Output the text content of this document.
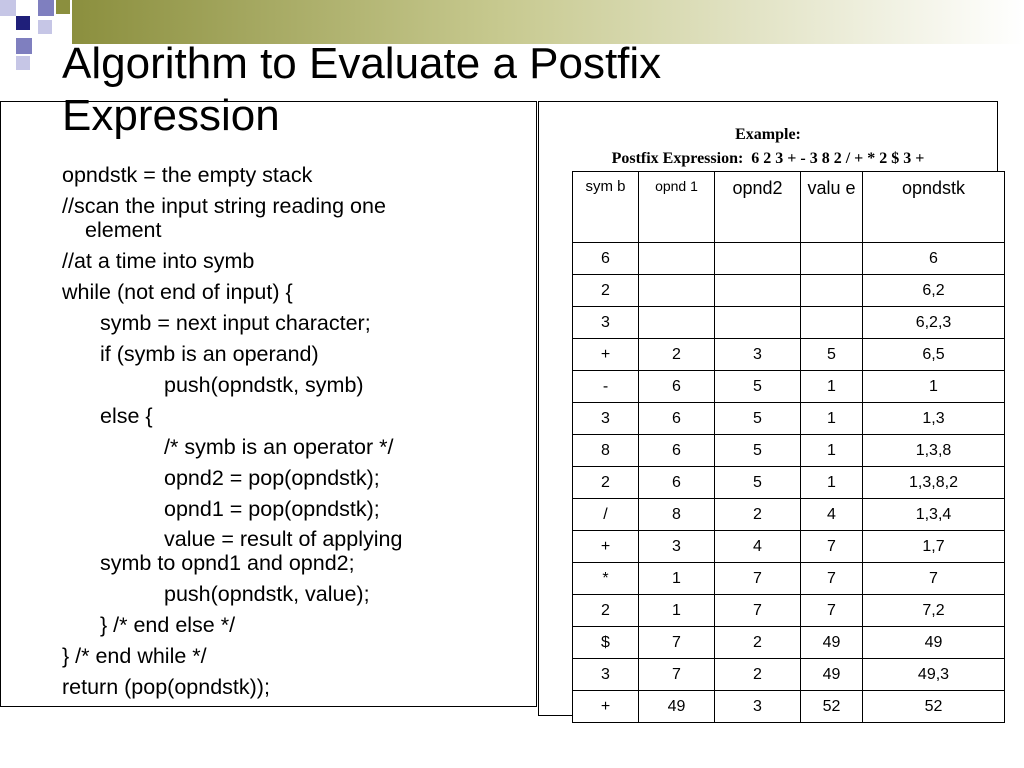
Algorithm to Evaluate a Postfix Expression
opndstk = the empty stack
//scan the input string reading one
element
//at a time into symb
while (not end of input) {
symb = next input character;
if (symb is an operand)
push(opndstk, symb)
else {
/* symb is an operator */
opnd2 = pop(opndstk);
opnd1 = pop(opndstk);
value = result of applying
symb to opnd1 and opnd2;
push(opndstk, value);
} /* end else */
} /* end while */
return (pop(opndstk));
Example:
Postfix Expression:  6 2 3 + - 3 8 2 / + * 2 $ 3 +
sym b	opnd 1	opnd2	valu e	opndstk
6				6
2				6,2
3				6,2,3
+	2	3	5	6,5
-	6	5	1	1
3	6	5	1	1,3
8	6	5	1	1,3,8
2	6	5	1	1,3,8,2
/	8	2	4	1,3,4
+	3	4	7	1,7
*	1	7	7	7
2	1	7	7	7,2
$	7	2	49	49
3	7	2	49	49,3
+	49	3	52	52
